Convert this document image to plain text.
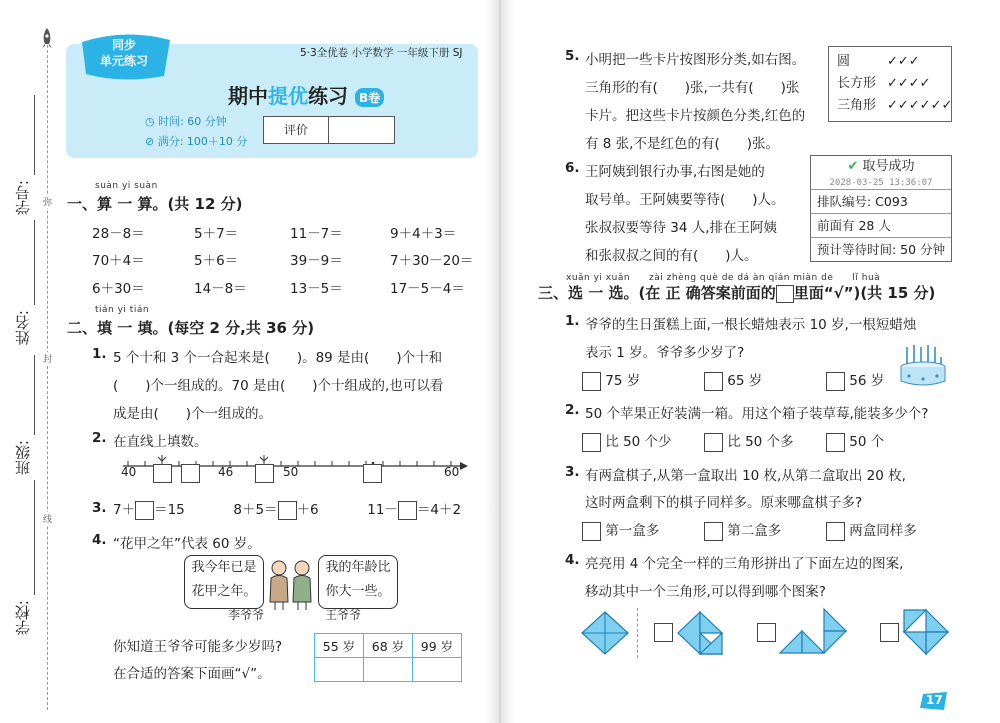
学号:
姓名:
班级:
学校:
弥
封
线
同步
单元练习
5·3全优卷 小学数学 一年级下册 SJ
期中提优练习 B卷
◷ 时间: 60 分钟
⊘ 满分: 100＋10 分
评价
suàn yi suàn
一、算 一 算。(共 12 分)
28－8＝	5＋7＝	11－7＝	9＋4＋3＝
70＋4＝	5＋6＝	39－9＝	7＋30－20＝
6＋30＝	14－8＝	13－5＝	17－5－4＝
tián yi tián
二、填 一 填。(每空 2 分,共 36 分)
1. 5 个十和 3 个一合起来是(　　)。89 是由(　　)个十和
(　　)个一组成的。70 是由(　　)个十组成的,也可以看
成是由(　　)个一组成的。
2. 在直线上填数。
40	46	50	60
3. 7＋ ＝15	8＋5＝ ＋6	11－ ＝4＋2
4. “花甲之年”代表 60 岁。
我今年已是
花甲之年。
我的年龄比
你大一些。
李爷爷	王爷爷
你知道王爷爷可能多少岁吗?
在合适的答案下面画“√”。
55 岁	68 岁	99 岁

5. 小明把一些卡片按图形分类,如右图。
三角形的有(　　)张,一共有(　　)张
卡片。把这些卡片按颜色分类,红色的
有 8 张,不是红色的有(　　)张。
圆	✓✓✓
长方形 ✓✓✓✓
三角形 ✓✓✓✓✓✓
6. 王阿姨到银行办事,右图是她的
取号单。王阿姨要等待(　　)人。
张叔叔要等待 34 人,排在王阿姨
和张叔叔之间的有(　　)人。
✔ 取号成功
2028-03-25 13:36:07
排队编号: C093
前面有 28 人
预计等待时间: 50 分钟
xuǎn yi xuǎn　　zài zhèng què de dá àn qián miàn de　　lǐ huà
三、选 一 选。(在 正 确答案前面的 里面“√”)(共 15 分)
1. 爷爷的生日蛋糕上面,一根长蜡烛表示 10 岁,一根短蜡烛
表示 1 岁。爷爷多少岁了?
75 岁	65 岁	56 岁
2. 50 个苹果正好装满一箱。用这个箱子装草莓,能装多少个?
比 50 个少	比 50 个多	50 个
3. 有两盒棋子,从第一盒取出 10 枚,从第二盒取出 20 枚,
这时两盒剩下的棋子同样多。原来哪盒棋子多?
第一盒多	第二盒多	两盒同样多
4. 亮亮用 4 个完全一样的三角形拼出了下面左边的图案,
移动其中一个三角形,可以得到哪个图案?
17
